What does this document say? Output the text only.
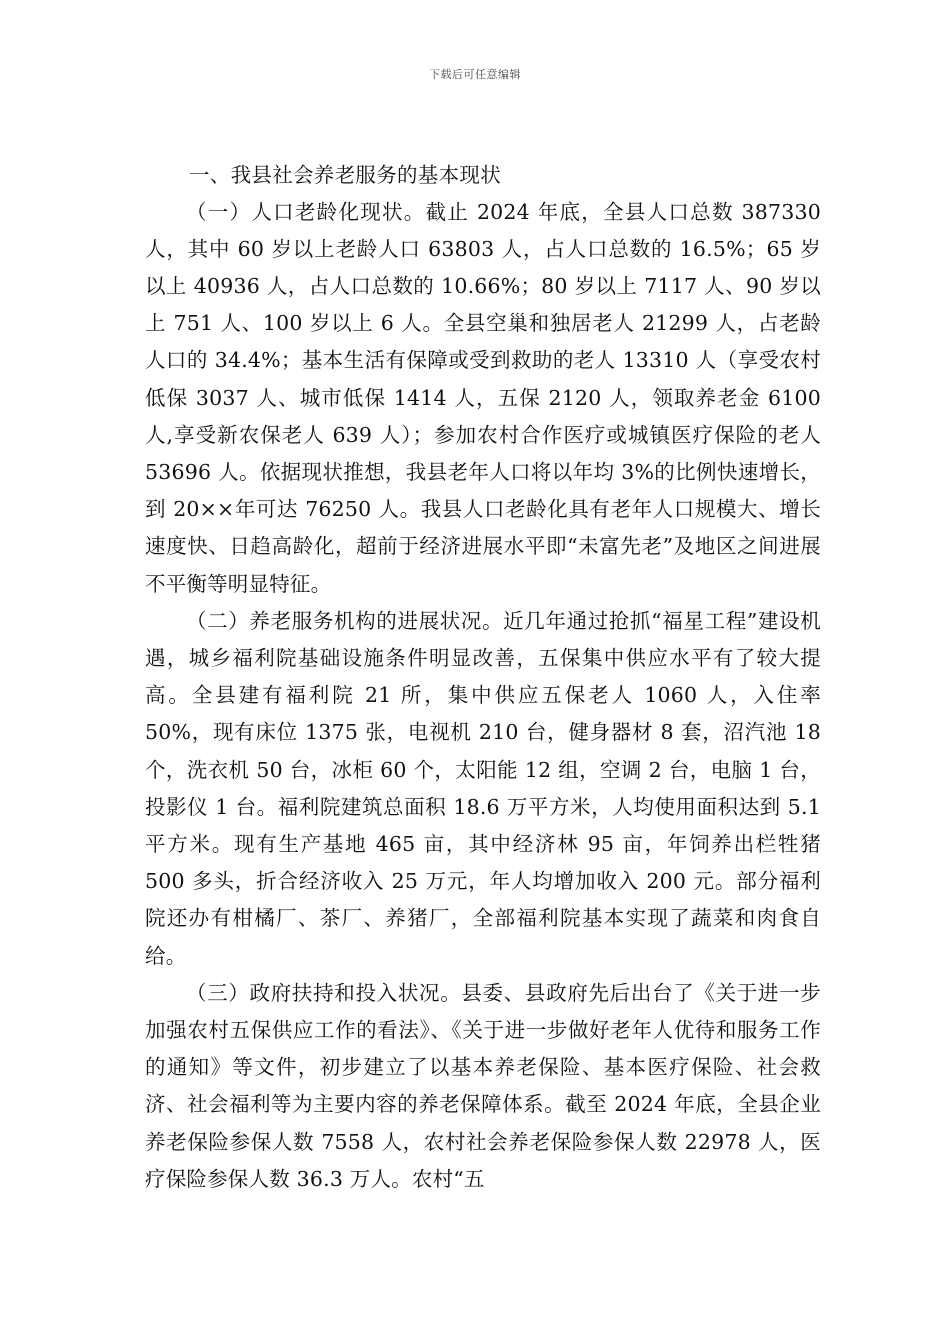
下载后可任意编辑
一、我县社会养老服务的基本现状

（一）人口老龄化现状。截止 2024 年底，全县人口总数 387330 人，其中 60 岁以上老龄人口 63803 人，占人口总数的 16.5%；65 岁以上 40936 人，占人口总数的 10.66%；80 岁以上 7117 人、90 岁以上 751 人、100 岁以上 6 人。全县空巢和独居老人 21299 人，占老龄人口的 34.4%；基本生活有保障或受到救助的老人 13310 人（享受农村低保 3037 人、城市低保 1414 人，五保 2120 人，领取养老金 6100 人,享受新农保老人 639 人）；参加农村合作医疗或城镇医疗保险的老人 53696 人。依据现状推想，我县老年人口将以年均 3%的比例快速增长，到 20××年可达 76250 人。我县人口老龄化具有老年人口规模大、增长速度快、日趋高龄化，超前于经济进展水平即“未富先老”及地区之间进展不平衡等明显特征。

（二）养老服务机构的进展状况。近几年通过抢抓“福星工程”建设机遇，城乡福利院基础设施条件明显改善，五保集中供应水平有了较大提高。全县建有福利院 21 所，集中供应五保老人 1060 人，入住率 50%，现有床位 1375 张，电视机 210 台，健身器材 8 套，沼汽池 18 个，洗衣机 50 台，冰柜 60 个，太阳能 12 组，空调 2 台，电脑 1 台，投影仪 1 台。福利院建筑总面积 18.6 万平方米，人均使用面积达到 5.1 平方米。现有生产基地 465 亩，其中经济林 95 亩，年饲养出栏牲猪 500 多头，折合经济收入 25 万元，年人均增加收入 200 元。部分福利院还办有柑橘厂、茶厂、养猪厂，全部福利院基本实现了蔬菜和肉食自给。

（三）政府扶持和投入状况。县委、县政府先后出台了《关于进一步加强农村五保供应工作的看法》、《关于进一步做好老年人优待和服务工作的通知》等文件，初步建立了以基本养老保险、基本医疗保险、社会救济、社会福利等为主要内容的养老保障体系。截至 2024 年底，全县企业养老保险参保人数 7558 人，农村社会养老保险参保人数 22978 人，医疗保险参保人数 36.3 万人。农村“五
